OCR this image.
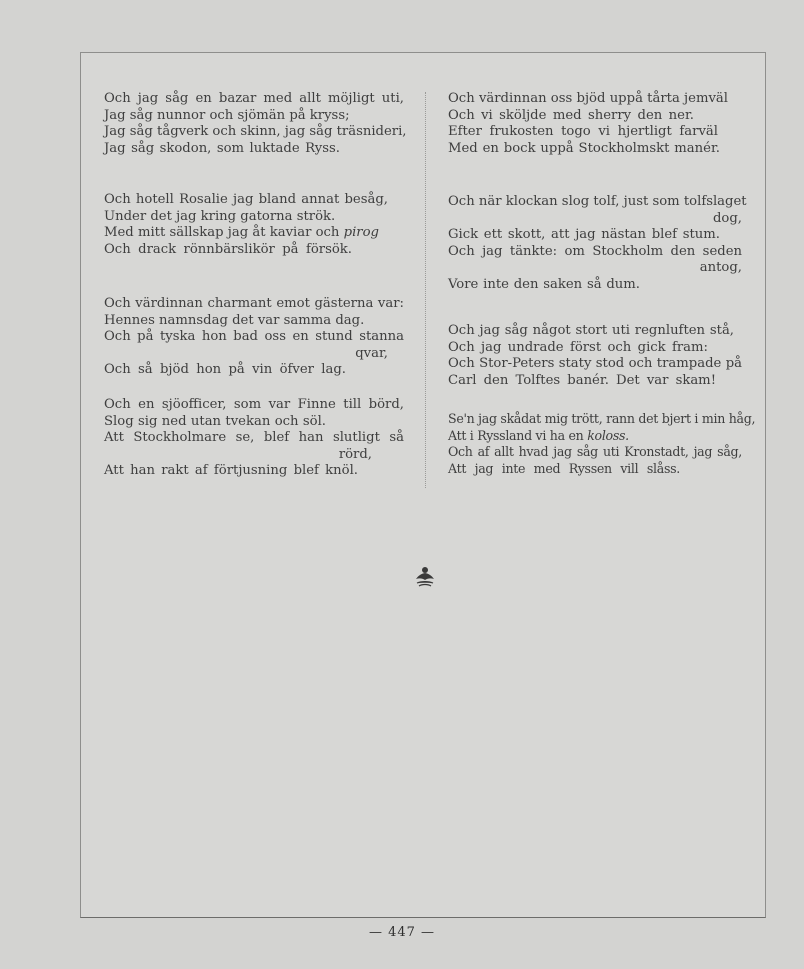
Och jag såg en bazar med allt möjligt uti,
Jag såg nunnor och sjömän på kryss;
Jag såg tågverk och skinn, jag såg träsnideri,
Jag såg skodon, som luktade Ryss.
Och hotell Rosalie jag bland annat besåg,
Under det jag kring gatorna strök.
Med mitt sällskap jag åt kaviar och pirog
Och drack rönnbärslikör på försök.
Och värdinnan charmant emot gästerna var:
Hennes namnsdag det var samma dag.
Och på tyska hon bad oss en stund stanna
qvar,
Och så bjöd hon på vin öfver lag.
Och en sjöofficer, som var Finne till börd,
Slog sig ned utan tvekan och söl.
Att Stockholmare se, blef han slutligt så
rörd,
Att han rakt af förtjusning blef knöl.
Och värdinnan oss bjöd uppå tårta jemväl
Och vi sköljde med sherry den ner.
Efter frukosten togo vi hjertligt farväl
Med en bock uppå Stockholmskt manér.
Och när klockan slog tolf, just som tolfslaget
dog,
Gick ett skott, att jag nästan blef stum.
Och jag tänkte: om Stockholm den seden
antog,
Vore inte den saken så dum.
Och jag såg något stort uti regnluften stå,
Och jag undrade först och gick fram:
Och Stor-Peters staty stod och trampade på
Carl den Tolftes banér. Det var skam!
Se'n jag skådat mig trött, rann det bjert i min håg,
Att i Ryssland vi ha en koloss.
Och af allt hvad jag såg uti Kronstadt, jag såg,
Att jag inte med Ryssen vill slåss.
— 447 —
